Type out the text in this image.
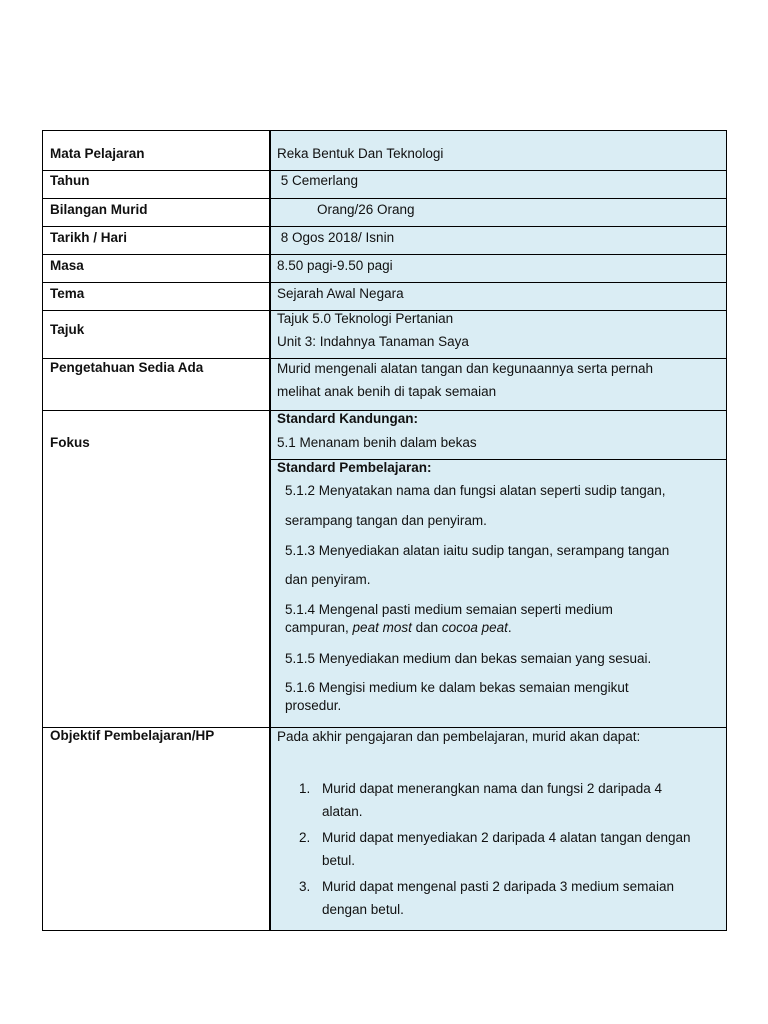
Mata Pelajaran
Tahun
Bilangan Murid
Tarikh / Hari
Masa
Tema
Tajuk
Pengetahuan Sedia Ada
Fokus
Objektif Pembelajaran/HP
Reka Bentuk Dan Teknologi
5 Cemerlang
Orang/26 Orang
8 Ogos 2018/ Isnin
8.50 pagi-9.50 pagi
Sejarah Awal Negara
Tajuk 5.0 Teknologi Pertanian
Unit 3: Indahnya Tanaman Saya
Murid mengenali alatan tangan dan kegunaannya serta pernah
melihat anak benih di tapak semaian
Standard Kandungan:
5.1 Menanam benih dalam bekas
Standard Pembelajaran:
5.1.2 Menyatakan nama dan fungsi alatan seperti sudip tangan,
serampang tangan dan penyiram.
5.1.3 Menyediakan alatan iaitu sudip tangan, serampang tangan
dan penyiram.
5.1.4 Mengenal pasti medium semaian seperti medium
campuran, peat most dan cocoa peat.
5.1.5 Menyediakan medium dan bekas semaian yang sesuai.
5.1.6 Mengisi medium ke dalam bekas semaian mengikut
prosedur.
Pada akhir pengajaran dan pembelajaran, murid akan dapat:
1. Murid dapat menerangkan nama dan fungsi 2 daripada 4
alatan.
2. Murid dapat menyediakan 2 daripada 4 alatan tangan dengan
betul.
3. Murid dapat mengenal pasti 2 daripada 3 medium semaian
dengan betul.
